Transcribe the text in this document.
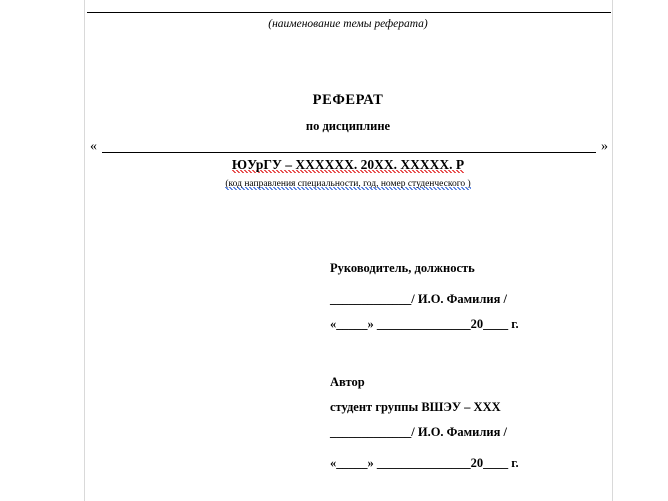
(наименование темы реферата)
РЕФЕРАТ
по дисциплине
«	»
ЮУрГУ – ХХХХХХ. 20ХХ. ХХХХХ. Р
(код направления специальности, год, номер студенческого )
Руководитель, должность
_____________/ И.О. Фамилия /
«_____» _______________20____ г.
Автор
студент группы ВШЭУ – ХХХ
_____________/ И.О. Фамилия /
«_____» _______________20____ г.
